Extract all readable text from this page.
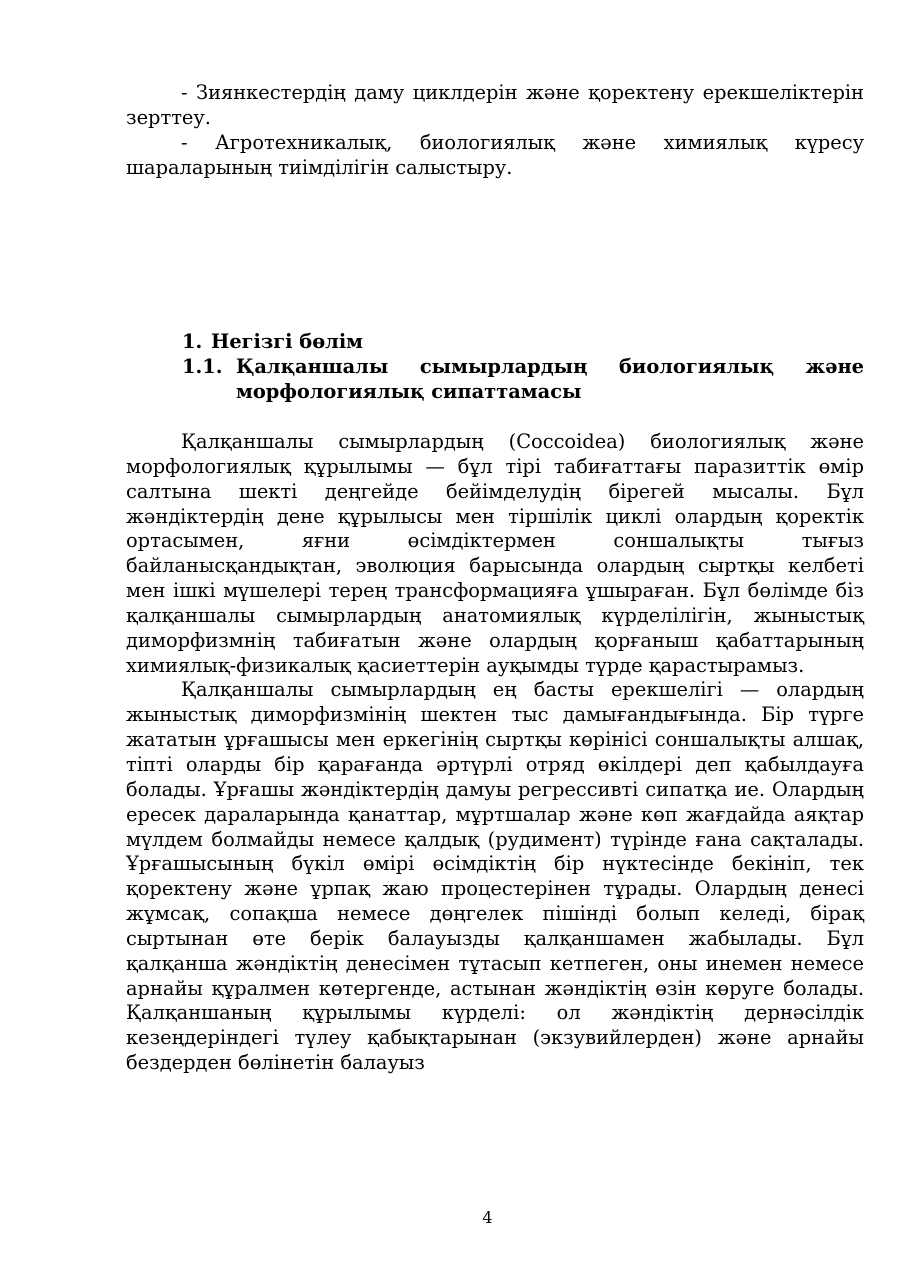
- Зиянкестердің даму циклдерін және қоректену ерекшеліктерін зерттеу.

- Агротехникалық, биологиялық және химиялық күресу шараларының тиімділігін салыстыру.

1. Негізгі бөлім
1.1. Қалқаншалы сымырлардың биологиялық және морфологиялық сипаттамасы

Қалқаншалы сымырлардың (Coccoidea) биологиялық және морфологиялық құрылымы — бұл тірі табиғаттағы паразиттік өмір салтына шекті деңгейде бейімделудің бірегей мысалы. Бұл жәндіктердің дене құрылысы мен тіршілік циклі олардың қоректік ортасымен, яғни өсімдіктермен соншалықты тығыз байланысқандықтан, эволюция барысында олардың сыртқы келбеті мен ішкі мүшелері терең трансформацияға ұшыраған. Бұл бөлімде біз қалқаншалы сымырлардың анатомиялық күрделілігін, жыныстық диморфизмнің табиғатын және олардың қорғаныш қабаттарының химиялық-физикалық қасиеттерін ауқымды түрде қарастырамыз.

Қалқаншалы сымырлардың ең басты ерекшелігі — олардың жыныстық диморфизмінің шектен тыс дамығандығында. Бір түрге жататын ұрғашысы мен еркегінің сыртқы көрінісі соншалықты алшақ, тіпті оларды бір қарағанда әртүрлі отряд өкілдері деп қабылдауға болады. Ұрғашы жәндіктердің дамуы регрессивті сипатқа ие. Олардың ересек дараларында қанаттар, мұртшалар және көп жағдайда аяқтар мүлдем болмайды немесе қалдық (рудимент) түрінде ғана сақталады. Ұрғашысының бүкіл өмірі өсімдіктің бір нүктесінде бекініп, тек қоректену және ұрпақ жаю процестерінен тұрады. Олардың денесі жұмсақ, сопақша немесе дөңгелек пішінді болып келеді, бірақ сыртынан өте берік балауызды қалқаншамен жабылады. Бұл қалқанша жәндіктің денесімен тұтасып кетпеген, оны инемен немесе арнайы құралмен көтергенде, астынан жәндіктің өзін көруге болады. Қалқаншаның құрылымы күрделі: ол жәндіктің дернәсілдік кезеңдеріндегі түлеу қабықтарынан (экзувийлерден) және арнайы бездерден бөлінетін балауыз

4
